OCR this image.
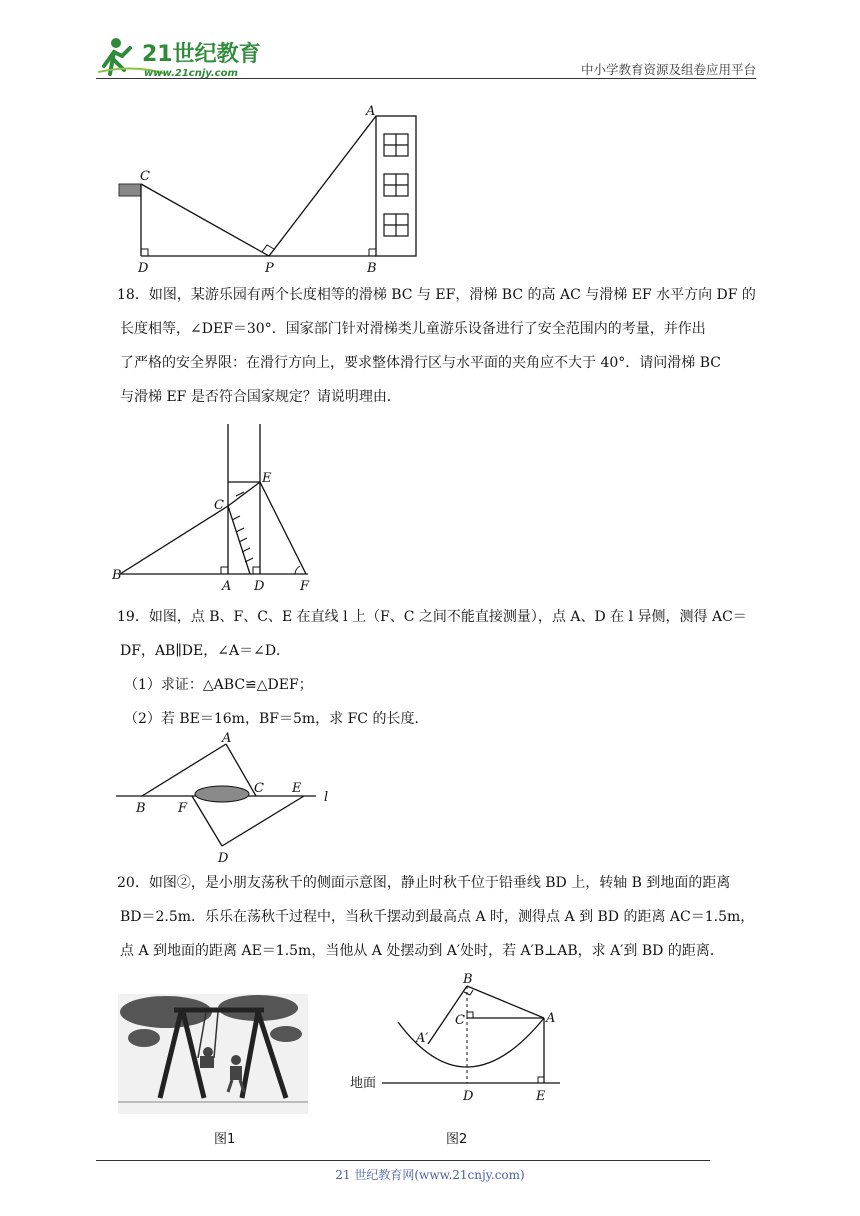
21世纪教育
www.21cnjy.com	中小学教育资源及组卷应用平台
A
C
D	P	B
18．如图，某游乐园有两个长度相等的滑梯 BC 与 EF，滑梯 BC 的高 AC 与滑梯 EF 水平方向 DF 的
长度相等，∠DEF＝30°．国家部门针对滑梯类儿童游乐设备进行了安全范围内的考量，并作出
了严格的安全界限：在滑行方向上，要求整体滑行区与水平面的夹角应不大于 40°．请问滑梯 BC
与滑梯 EF 是否符合国家规定？请说明理由．
B
C
A D
E
F
19．如图，点 B、F、C、E 在直线 l 上（F、C 之间不能直接测量），点 A、D 在 l 异侧，测得 AC＝
DF，AB∥DE，∠A＝∠D．
（1）求证：△ABC≌△DEF；
（2）若 BE＝16m，BF＝5m，求 FC 的长度．
A
B F
C E
l
D
20．如图②，是小朋友荡秋千的侧面示意图，静止时秋千位于铅垂线 BD 上，转轴 B 到地面的距离
BD＝2.5m．乐乐在荡秋千过程中，当秋千摆动到最高点 A 时，测得点 A 到 BD 的距离 AC＝1.5m，
点 A 到地面的距离 AE＝1.5m，当他从 A 处摆动到 A′处时，若 A′B⊥AB，求 A′到 BD 的距离．
图1
B
C	A
A′
D	E
地面
图2
21 世纪教育网(www.21cnjy.com)
